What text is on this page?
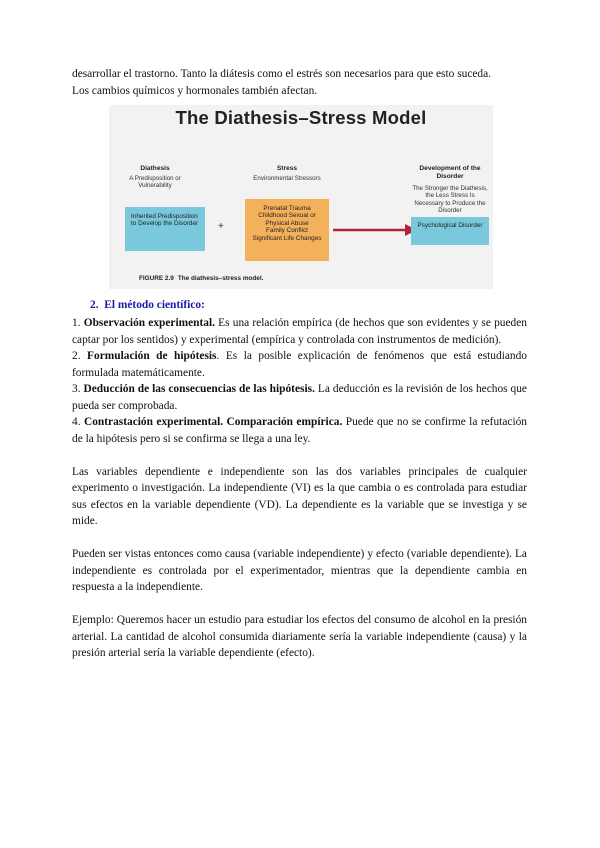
desarrollar el trastorno. Tanto la diátesis como el estrés son necesarios para que esto suceda.
Los cambios químicos y hormonales también afectan.

The Diathesis–Stress Model
Diathesis
A Predisposition or Vulnerability
Inherited Predisposition to Develop the Disorder	+
Stress
Environmental Stressors
Prenatal Trauma
Childhood Sexual or Physical Abuse
Family Conflict
Significant Life Changes
Development of the Disorder
The Stronger the Diathesis, the Less Stress Is Necessary to Produce the Disorder
Psychological Disorder
FIGURE 2.9 The diathesis–stress model.
2. El método científico:

1. Observación experimental. Es una relación empírica (de hechos que son evidentes y se pueden captar por los sentidos) y experimental (empírica y controlada con instrumentos de medición).

2. Formulación de hipótesis. Es la posible explicación de fenómenos que está estudiando formulada matemáticamente.

3. Deducción de las consecuencias de las hipótesis. La deducción es la revisión de los hechos que pueda ser comprobada.

4. Contrastación experimental. Comparación empírica. Puede que no se confirme la refutación de la hipótesis pero si se confirma se llega a una ley.

Las variables dependiente e independiente son las dos variables principales de cualquier experimento o investigación. La independiente (VI) es la que cambia o es controlada para estudiar sus efectos en la variable dependiente (VD). La dependiente es la variable que se investiga y se mide.

Pueden ser vistas entonces como causa (variable independiente) y efecto (variable dependiente). La independiente es controlada por el experimentador, mientras que la dependiente cambia en respuesta a la independiente.

Ejemplo: Queremos hacer un estudio para estudiar los efectos del consumo de alcohol en la presión arterial. La cantidad de alcohol consumida diariamente sería la variable independiente (causa) y la presión arterial sería la variable dependiente (efecto).
